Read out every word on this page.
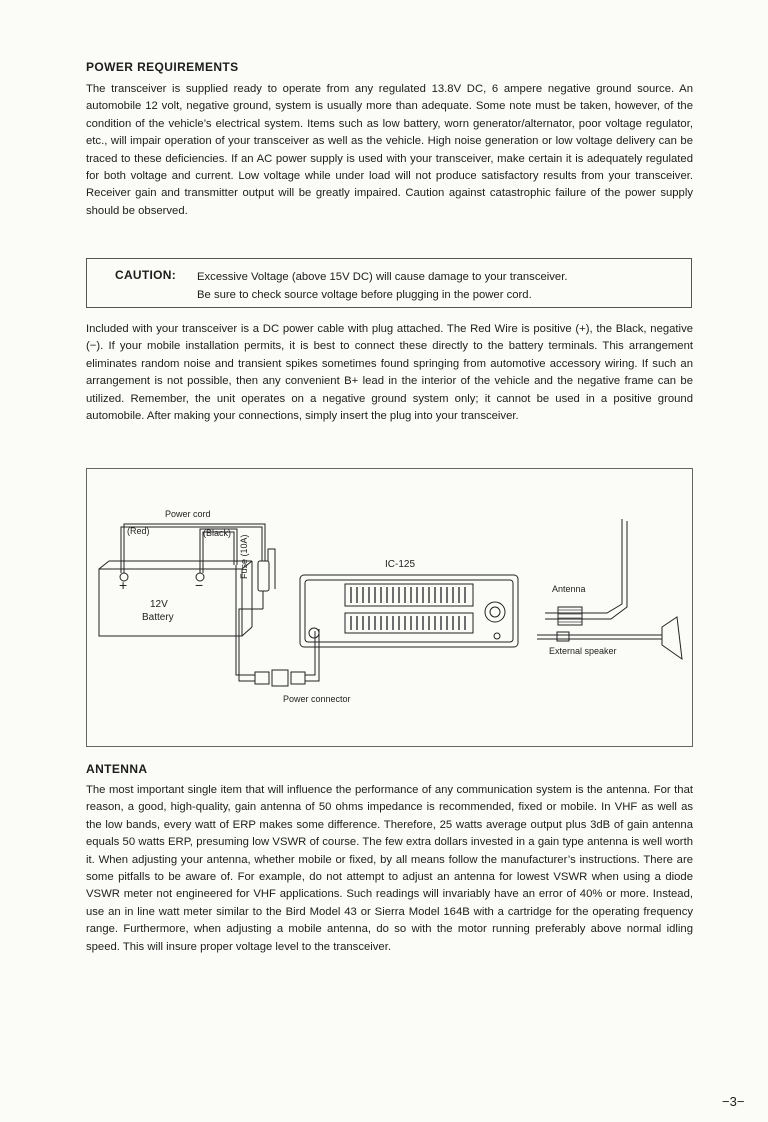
POWER REQUIREMENTS

The transceiver is supplied ready to operate from any regulated 13.8V DC, 6 ampere negative ground source. An automobile 12 volt, negative ground, system is usually more than adequate. Some note must be taken, however, of the condition of the vehicle’s electrical system. Items such as low battery, worn generator/alternator, poor voltage regulator, etc., will impair operation of your transceiver as well as the vehicle. High noise generation or low voltage delivery can be traced to these deficiencies. If an AC power supply is used with your transceiver, make certain it is adequately regulated for both voltage and current. Low voltage while under load will not produce satisfactory results from your transceiver. Receiver gain and transmitter output will be greatly impaired. Caution against catastrophic failure of the power supply should be observed.

CAUTION: Excessive Voltage (above 15V DC) will cause damage to your transceiver.
Be sure to check source voltage before plugging in the power cord.

Included with your transceiver is a DC power cable with plug attached. The Red Wire is positive (+), the Black, negative (−). If your mobile installation permits, it is best to connect these directly to the battery terminals. This arrangement eliminates random noise and transient spikes sometimes found springing from automotive accessory wiring. If such an arrangement is not possible, then any convenient B+ lead in the interior of the vehicle and the negative frame can be utilized. Remember, the unit operates on a negative ground system only; it cannot be used in a positive ground automobile. After making your connections, simply insert the plug into your transceiver.

Power cord
(Red)	(Black)
Fuse (10A)
+	−
12V
Battery
IC-125
Antenna
External speaker
Power connector
ANTENNA

The most important single item that will influence the performance of any communication system is the antenna. For that reason, a good, high-quality, gain antenna of 50 ohms impedance is recommended, fixed or mobile. In VHF as well as the low bands, every watt of ERP makes some difference. Therefore, 25 watts average output plus 3dB of gain antenna equals 50 watts ERP, presuming low VSWR of course. The few extra dollars invested in a gain type antenna is well worth it. When adjusting your antenna, whether mobile or fixed, by all means follow the manufacturer’s instructions. There are some pitfalls to be aware of. For example, do not attempt to adjust an antenna for lowest VSWR when using a diode VSWR meter not engineered for VHF applications. Such readings will invariably have an error of 40% or more. Instead, use an in line watt meter similar to the Bird Model 43 or Sierra Model 164B with a cartridge for the operating frequency range. Furthermore, when adjusting a mobile antenna, do so with the motor running preferably above normal idling speed. This will insure proper voltage level to the transceiver.

−3−
